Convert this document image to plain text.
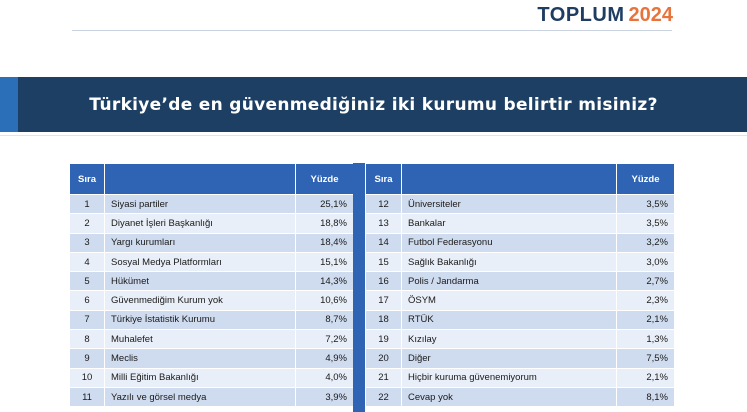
TOPLUM 2024
Türkiye’de en güvenmediğiniz iki kurumu belirtir misiniz?
Sıra		Yüzde
1	Siyasi partiler	25,1%
2	Diyanet İşleri Başkanlığı	18,8%
3	Yargı kurumları	18,4%
4	Sosyal Medya Platformları	15,1%
5	Hükümet	14,3%
6	Güvenmediğim Kurum yok	10,6%
7	Türkiye İstatistik Kurumu	8,7%
8	Muhalefet	7,2%
9	Meclis	4,9%
10	Milli Eğitim Bakanlığı	4,0%
11	Yazılı ve görsel medya	3,9%
Sıra		Yüzde
12	Üniversiteler	3,5%
13	Bankalar	3,5%
14	Futbol Federasyonu	3,2%
15	Sağlık Bakanlığı	3,0%
16	Polis / Jandarma	2,7%
17	ÖSYM	2,3%
18	RTÜK	2,1%
19	Kızılay	1,3%
20	Diğer	7,5%
21	Hiçbir kuruma güvenemiyorum	2,1%
22	Cevap yok	8,1%
